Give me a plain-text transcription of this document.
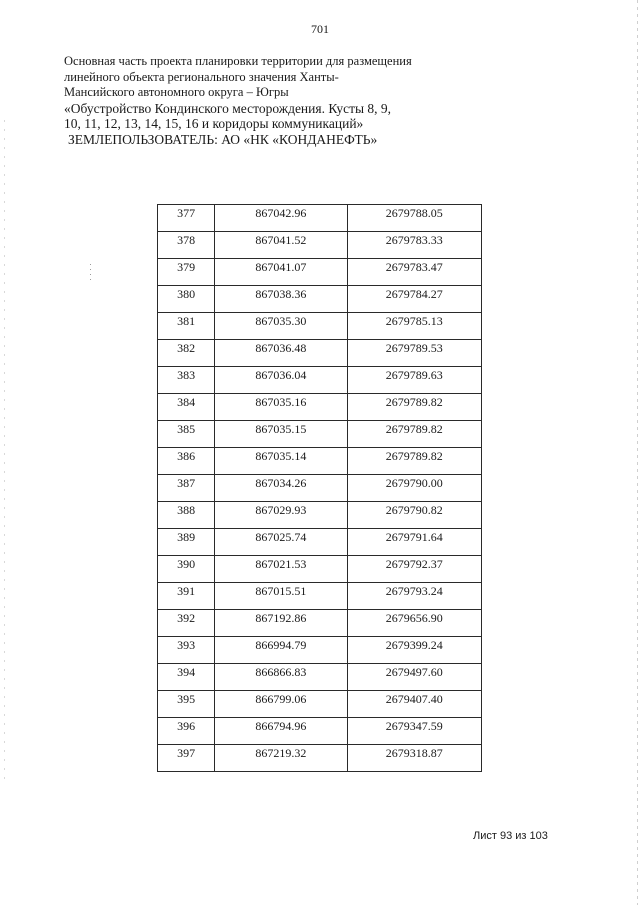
701
Основная часть проекта планировки территории для размещения
линейного объекта регионального значения Ханты-
Мансийского автономного округа – Югры
«Обустройство Кондинского месторождения. Кусты 8, 9,
10, 11, 12, 13, 14, 15, 16 и коридоры коммуникаций»
ЗЕМЛЕПОЛЬЗОВАТЕЛЬ: АО «НК «КОНДАНЕФТЬ»
377	867042.96	2679788.05
378	867041.52	2679783.33
379	867041.07	2679783.47
380	867038.36	2679784.27
381	867035.30	2679785.13
382	867036.48	2679789.53
383	867036.04	2679789.63
384	867035.16	2679789.82
385	867035.15	2679789.82
386	867035.14	2679789.82
387	867034.26	2679790.00
388	867029.93	2679790.82
389	867025.74	2679791.64
390	867021.53	2679792.37
391	867015.51	2679793.24
392	867192.86	2679656.90
393	866994.79	2679399.24
394	866866.83	2679497.60
395	866799.06	2679407.40
396	866794.96	2679347.59
397	867219.32	2679318.87
Лист 93 из 103
